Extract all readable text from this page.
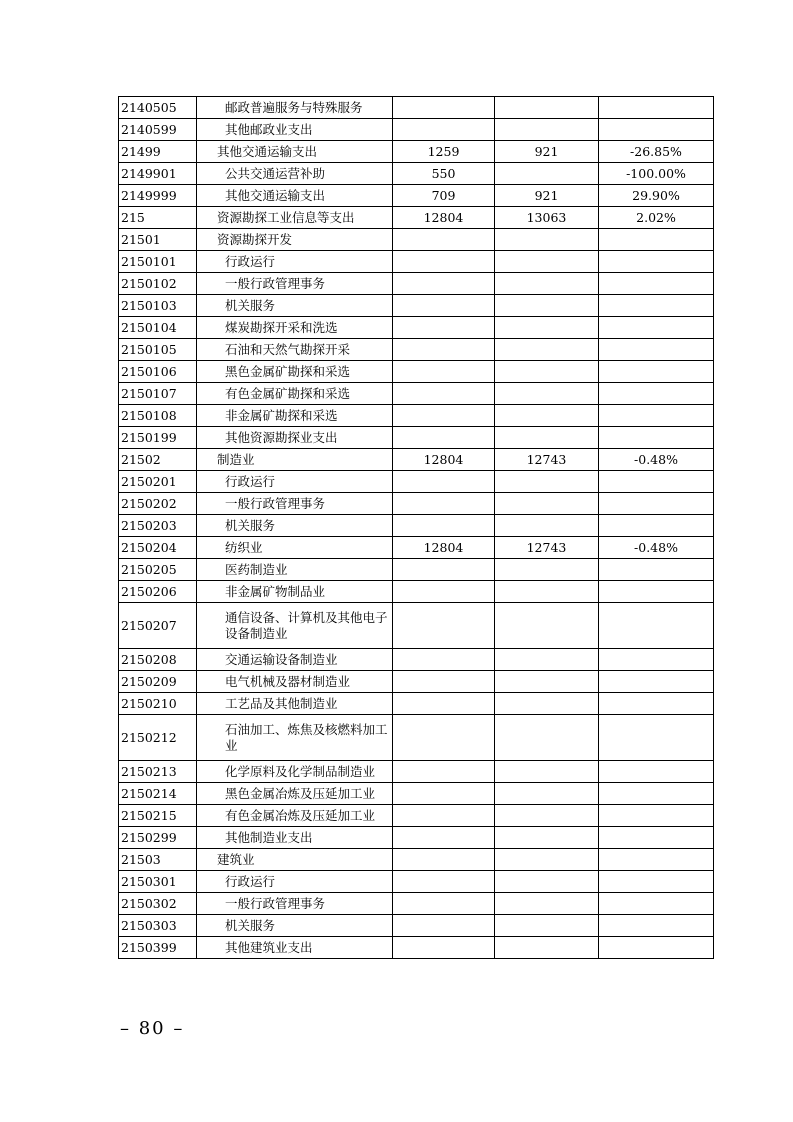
2140505	邮政普遍服务与特殊服务			
2140599	其他邮政业支出			
21499	其他交通运输支出	1259	921	-26.85%
2149901	公共交通运营补助	550		-100.00%
2149999	其他交通运输支出	709	921	29.90%
215	资源勘探工业信息等支出	12804	13063	2.02%
21501	资源勘探开发			
2150101	行政运行			
2150102	一般行政管理事务			
2150103	机关服务			
2150104	煤炭勘探开采和洗选			
2150105	石油和天然气勘探开采			
2150106	黑色金属矿勘探和采选			
2150107	有色金属矿勘探和采选			
2150108	非金属矿勘探和采选			
2150199	其他资源勘探业支出			
21502	制造业	12804	12743	-0.48%
2150201	行政运行			
2150202	一般行政管理事务			
2150203	机关服务			
2150204	纺织业	12804	12743	-0.48%
2150205	医药制造业			
2150206	非金属矿物制品业			
2150207	通信设备、计算机及其他电子设备制造业			
2150208	交通运输设备制造业			
2150209	电气机械及器材制造业			
2150210	工艺品及其他制造业			
2150212	石油加工、炼焦及核燃料加工业			
2150213	化学原料及化学制品制造业			
2150214	黑色金属冶炼及压延加工业			
2150215	有色金属冶炼及压延加工业			
2150299	其他制造业支出			
21503	建筑业			
2150301	行政运行			
2150302	一般行政管理事务			
2150303	机关服务			
2150399	其他建筑业支出			
– 80 –
